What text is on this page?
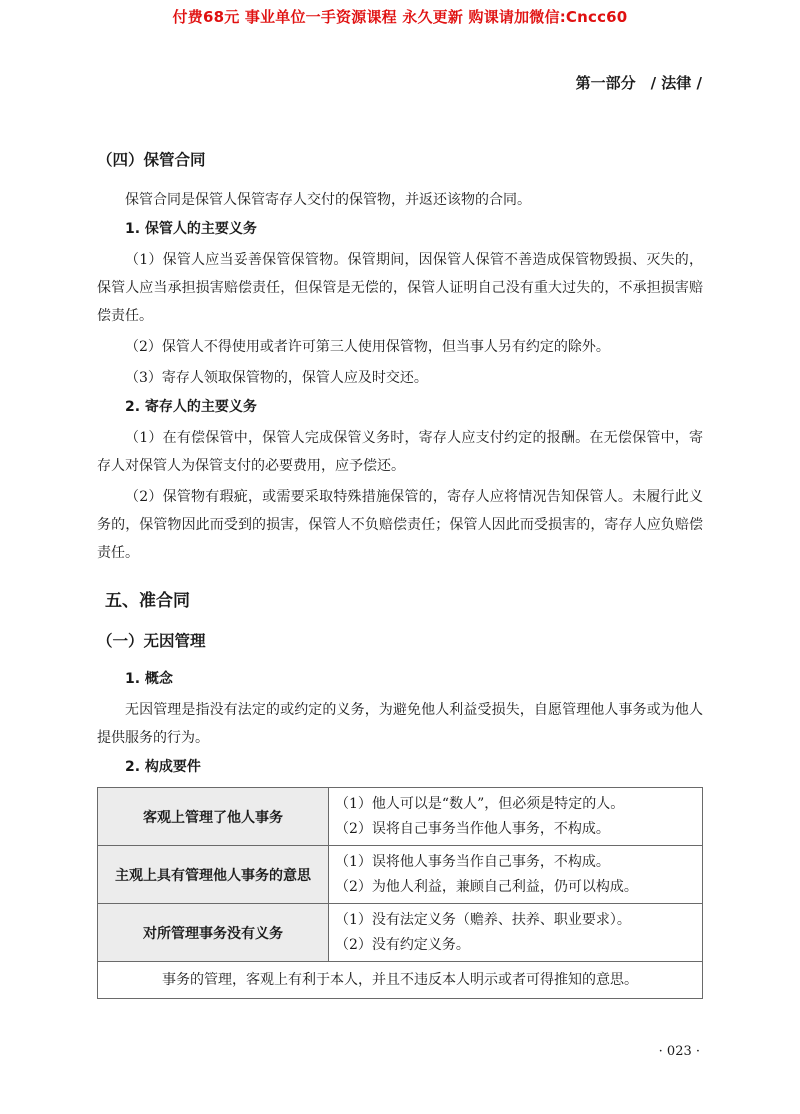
付费68元 事业单位一手资源课程 永久更新 购课请加微信:Cncc60
第一部分　/ 法律 /
（四）保管合同

保管合同是保管人保管寄存人交付的保管物，并返还该物的合同。

1. 保管人的主要义务

（1）保管人应当妥善保管保管物。保管期间，因保管人保管不善造成保管物毁损、灭失的，保管人应当承担损害赔偿责任，但保管是无偿的，保管人证明自己没有重大过失的，不承担损害赔偿责任。

（2）保管人不得使用或者许可第三人使用保管物，但当事人另有约定的除外。

（3）寄存人领取保管物的，保管人应及时交还。

2. 寄存人的主要义务

（1）在有偿保管中，保管人完成保管义务时，寄存人应支付约定的报酬。在无偿保管中，寄存人对保管人为保管支付的必要费用，应予偿还。

（2）保管物有瑕疵，或需要采取特殊措施保管的，寄存人应将情况告知保管人。未履行此义务的，保管物因此而受到的损害，保管人不负赔偿责任；保管人因此而受损害的，寄存人应负赔偿责任。

五、准合同
（一）无因管理
1. 概念

无因管理是指没有法定的或约定的义务，为避免他人利益受损失，自愿管理他人事务或为他人提供服务的行为。

2. 构成要件
客观上管理了他人事务	（1）他人可以是“数人”，但必须是特定的人。
（2）误将自己事务当作他人事务，不构成。

主观上具有管理他人事务的意思	（1）误将他人事务当作自己事务，不构成。
（2）为他人利益，兼顾自己利益，仍可以构成。

对所管理事务没有义务	（1）没有法定义务（赡养、扶养、职业要求）。
（2）没有约定义务。

事务的管理，客观上有利于本人，并且不违反本人明示或者可得推知的意思。	
· 023 ·
